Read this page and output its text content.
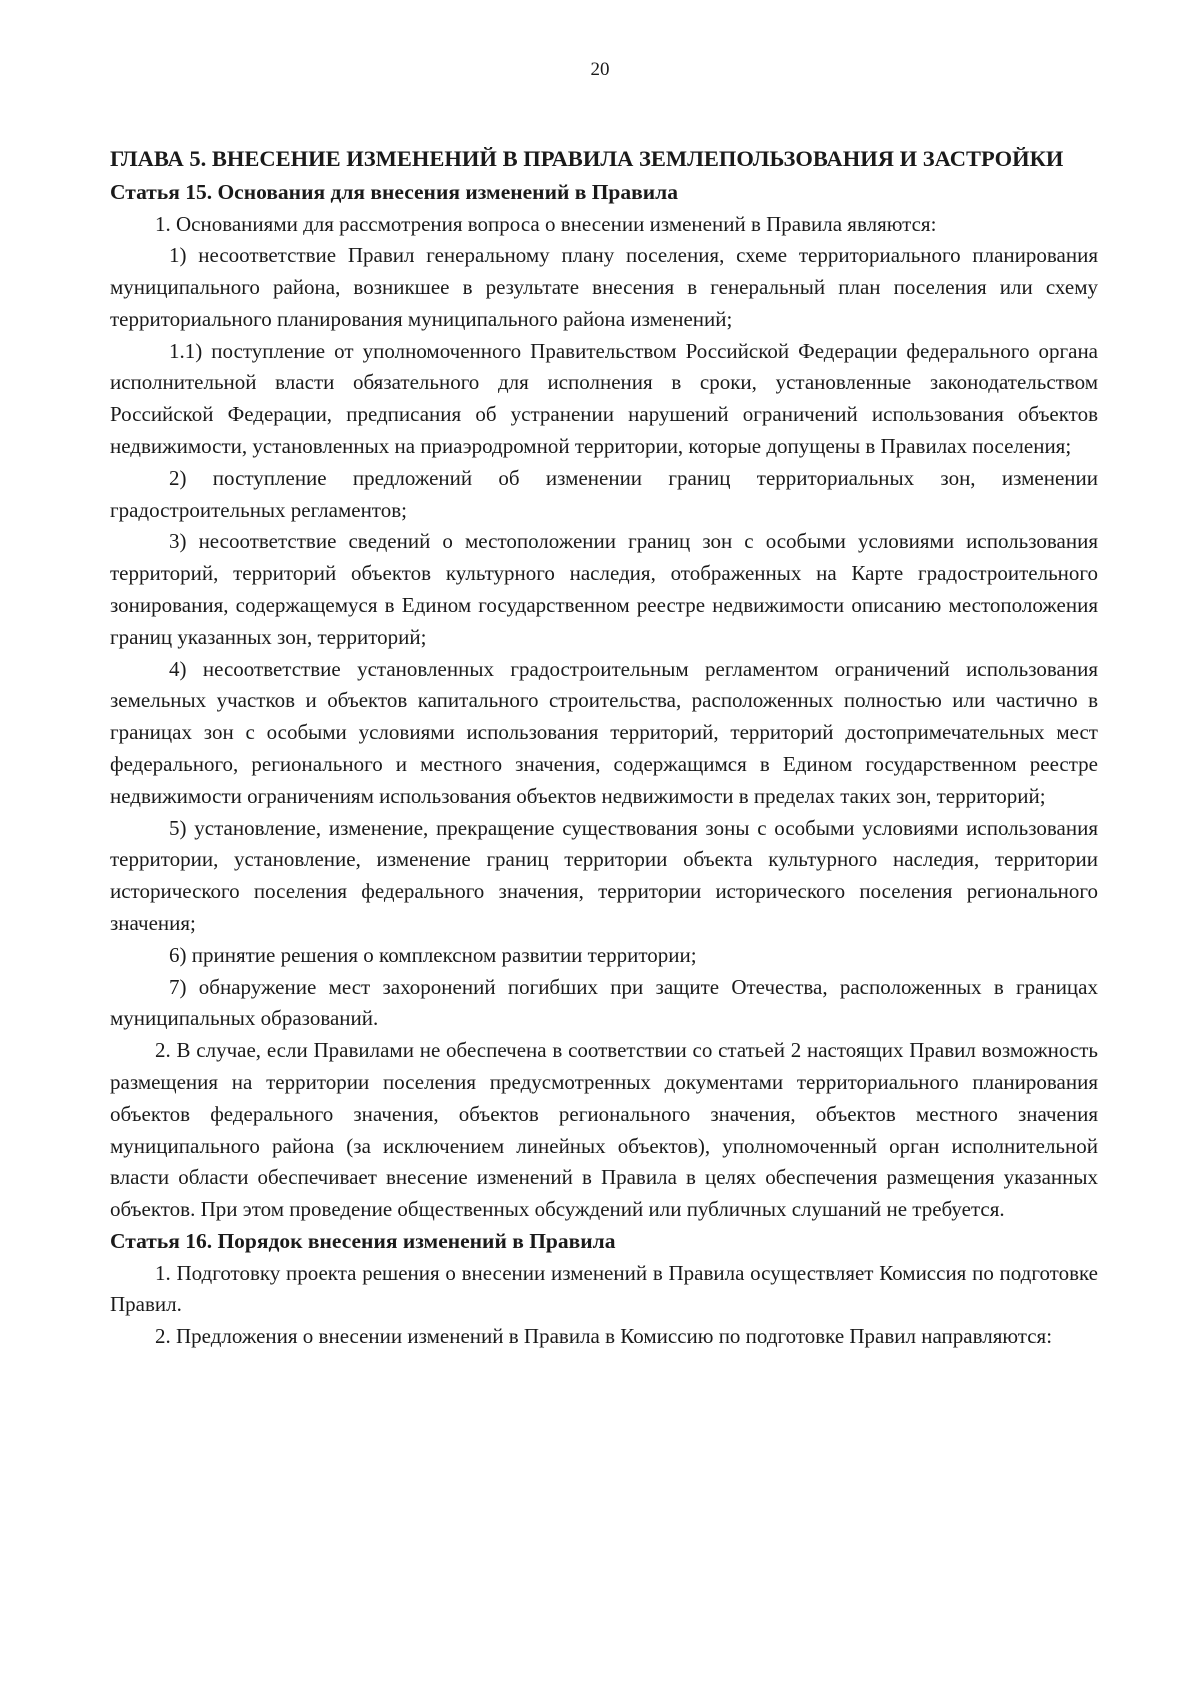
20
ГЛАВА 5. ВНЕСЕНИЕ ИЗМЕНЕНИЙ В ПРАВИЛА ЗЕМЛЕПОЛЬЗОВАНИЯ И ЗАСТРОЙКИ
Статья 15. Основания для внесения изменений в Правила

1. Основаниями для рассмотрения вопроса о внесении изменений в Правила являются:

1) несоответствие Правил генеральному плану поселения, схеме территориального планирования муниципального района, возникшее в результате внесения в генеральный план поселения или схему территориального планирования муниципального района изменений;

1.1) поступление от уполномоченного Правительством Российской Федерации федерального органа исполнительной власти обязательного для исполнения в сроки, установленные законодательством Российской Федерации, предписания об устранении нарушений ограничений использования объектов недвижимости, установленных на приаэродромной территории, которые допущены в Правилах поселения;

2) поступление предложений об изменении границ территориальных зон, изменении градостроительных регламентов;

3) несоответствие сведений о местоположении границ зон с особыми условиями использования территорий, территорий объектов культурного наследия, отображенных на Карте градостроительного зонирования, содержащемуся в Едином государственном реестре недвижимости описанию местоположения границ указанных зон, территорий;

4) несоответствие установленных градостроительным регламентом ограничений использования земельных участков и объектов капитального строительства, расположенных полностью или частично в границах зон с особыми условиями использования территорий, территорий достопримечательных мест федерального, регионального и местного значения, содержащимся в Едином государственном реестре недвижимости ограничениям использования объектов недвижимости в пределах таких зон, территорий;

5) установление, изменение, прекращение существования зоны с особыми условиями использования территории, установление, изменение границ территории объекта культурного наследия, территории исторического поселения федерального значения, территории исторического поселения регионального значения;

6) принятие решения о комплексном развитии территории;

7) обнаружение мест захоронений погибших при защите Отечества, расположенных в границах муниципальных образований.

2. В случае, если Правилами не обеспечена в соответствии со статьей 2 настоящих Правил возможность размещения на территории поселения предусмотренных документами территориального планирования объектов федерального значения, объектов регионального значения, объектов местного значения муниципального района (за исключением линейных объектов), уполномоченный орган исполнительной власти области обеспечивает внесение изменений в Правила в целях обеспечения размещения указанных объектов. При этом проведение общественных обсуждений или публичных слушаний не требуется.

Статья 16. Порядок внесения изменений в Правила

1. Подготовку проекта решения о внесении изменений в Правила осуществляет Комиссия по подготовке Правил.

2. Предложения о внесении изменений в Правила в Комиссию по подготовке Правил направляются:
